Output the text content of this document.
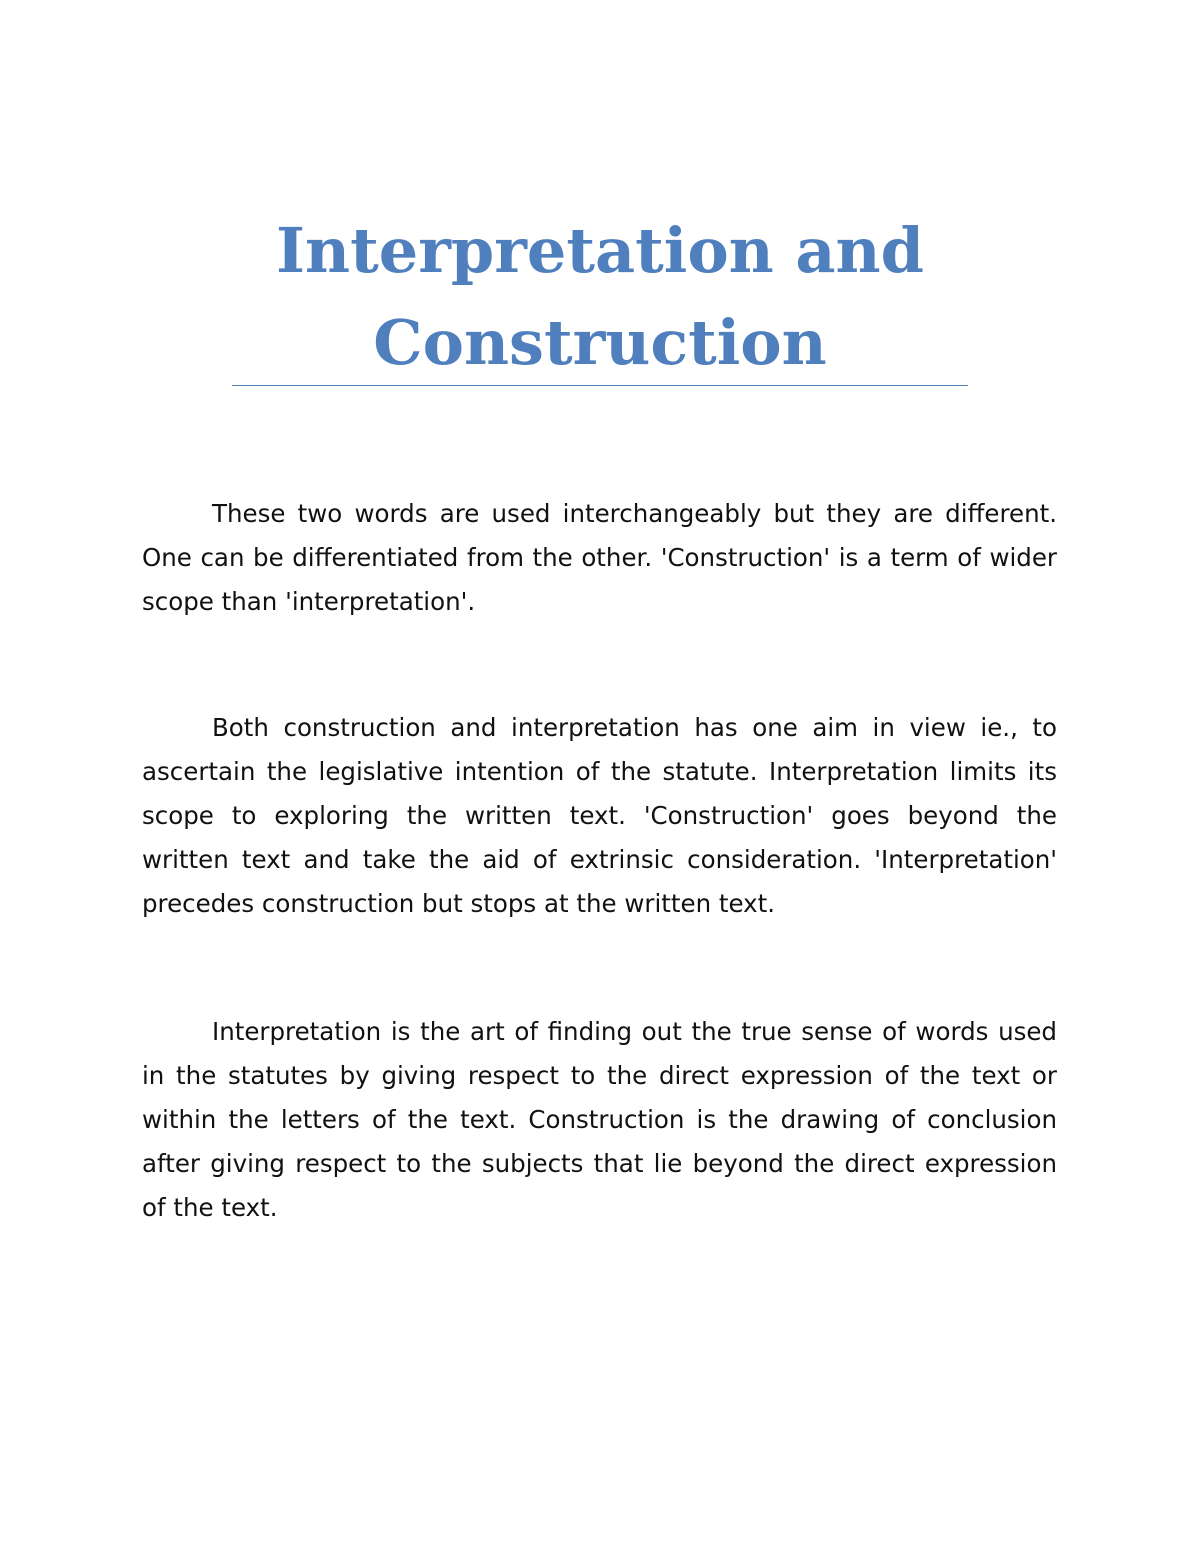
Interpretation and
Construction

These two words are used interchangeably but they are different. One can be differentiated from the other. 'Construction' is a term of wider scope than 'interpretation'.

Both construction and interpretation has one aim in view ie., to ascertain the legislative intention of the statute. Interpretation limits its scope to exploring the written text. 'Construction' goes beyond the written text and take the aid of extrinsic consideration. 'Interpretation' precedes construction but stops at the written text.

Interpretation is the art of finding out the true sense of words used in the statutes by giving respect to the direct expression of the text or within the letters of the text. Construction is the drawing of conclusion after giving respect to the subjects that lie beyond the direct expression of the text.
